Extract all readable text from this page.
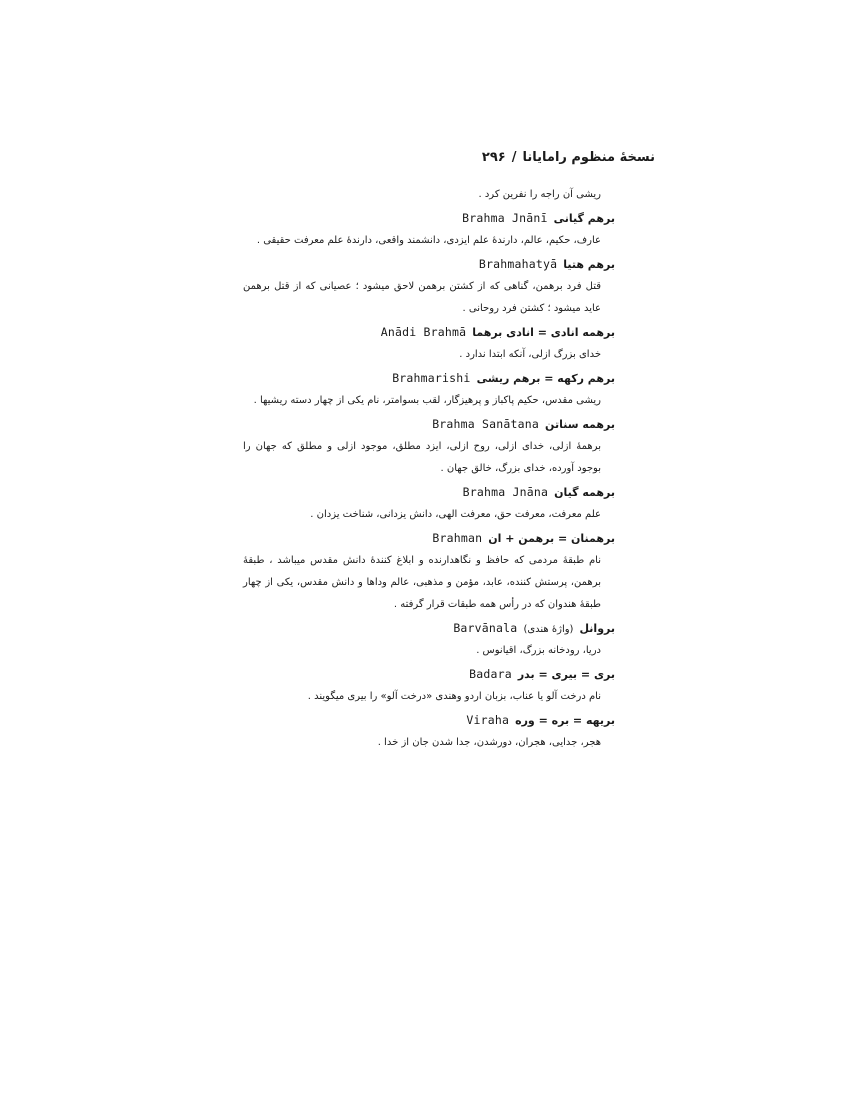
نسخهٔ منظوم رامایانا
/
۲۹۶
ریشی آن راجه را نفرین کرد .
برهم گیانی
Brahma Jnānī
عارف، حکیم، عالم، دارندهٔ علم ایزدی، دانشمند واقعی، دارندهٔ علم معرفت حقیقی .
برهم هتیا
Brahmahatyā
قتل فرد برهمن، گناهی که از کشتن برهمن لاحق میشود ؛ عصیانی که از قتل برهمن عاید میشود ؛ کشتن فرد روحانی .
برهمه انادی = انادی برهما
Anādi Brahmā
خدای بزرگ ازلی، آنکه ابتدا ندارد .
برهم رکهه = برهم ریشی
Brahmarishi
ریشی مقدس، حکیم پاکباز و پرهیزگار، لقب بسوامتر، نام یکی از چهار دسته ریشیها .
برهمه سناتن
Brahma Sanātana
برهمهٔ ازلی، خدای ازلی، روح ازلی، ایزد مطلق، موجود ازلی و مطلق که جهان را بوجود آورده، خدای بزرگ، خالق جهان .
برهمه گیان
Brahma Jnāna
علم معرفت، معرفت حق، معرفت الهی، دانش یزدانی، شناخت یزدان .
برهمنان = برهمن + ان
Brahman
نام طبقهٔ مردمی که حافظ و نگاهدارنده و ابلاغ کنندهٔ دانش مقدس میباشد ، طبقهٔ برهمن، پرستش کننده، عابد، مؤمن و مذهبی، عالم وداها و دانش مقدس، یکی از چهار طبقهٔ هندوان که در رأس همه طبقات قرار گرفته .
بروانل
(واژهٔ هندی)
Barvānala
دریا، رودخانه بزرگ، اقیانوس .
بری = بیری = بدر
Badara
نام درخت آلو یا عناب، بزبان اردو وهندی «درخت آلو» را بیری میگویند .
بریهه = بره = وره
Viraha
هجر، جدایی، هجران، دورشدن، جدا شدن جان از خدا .
